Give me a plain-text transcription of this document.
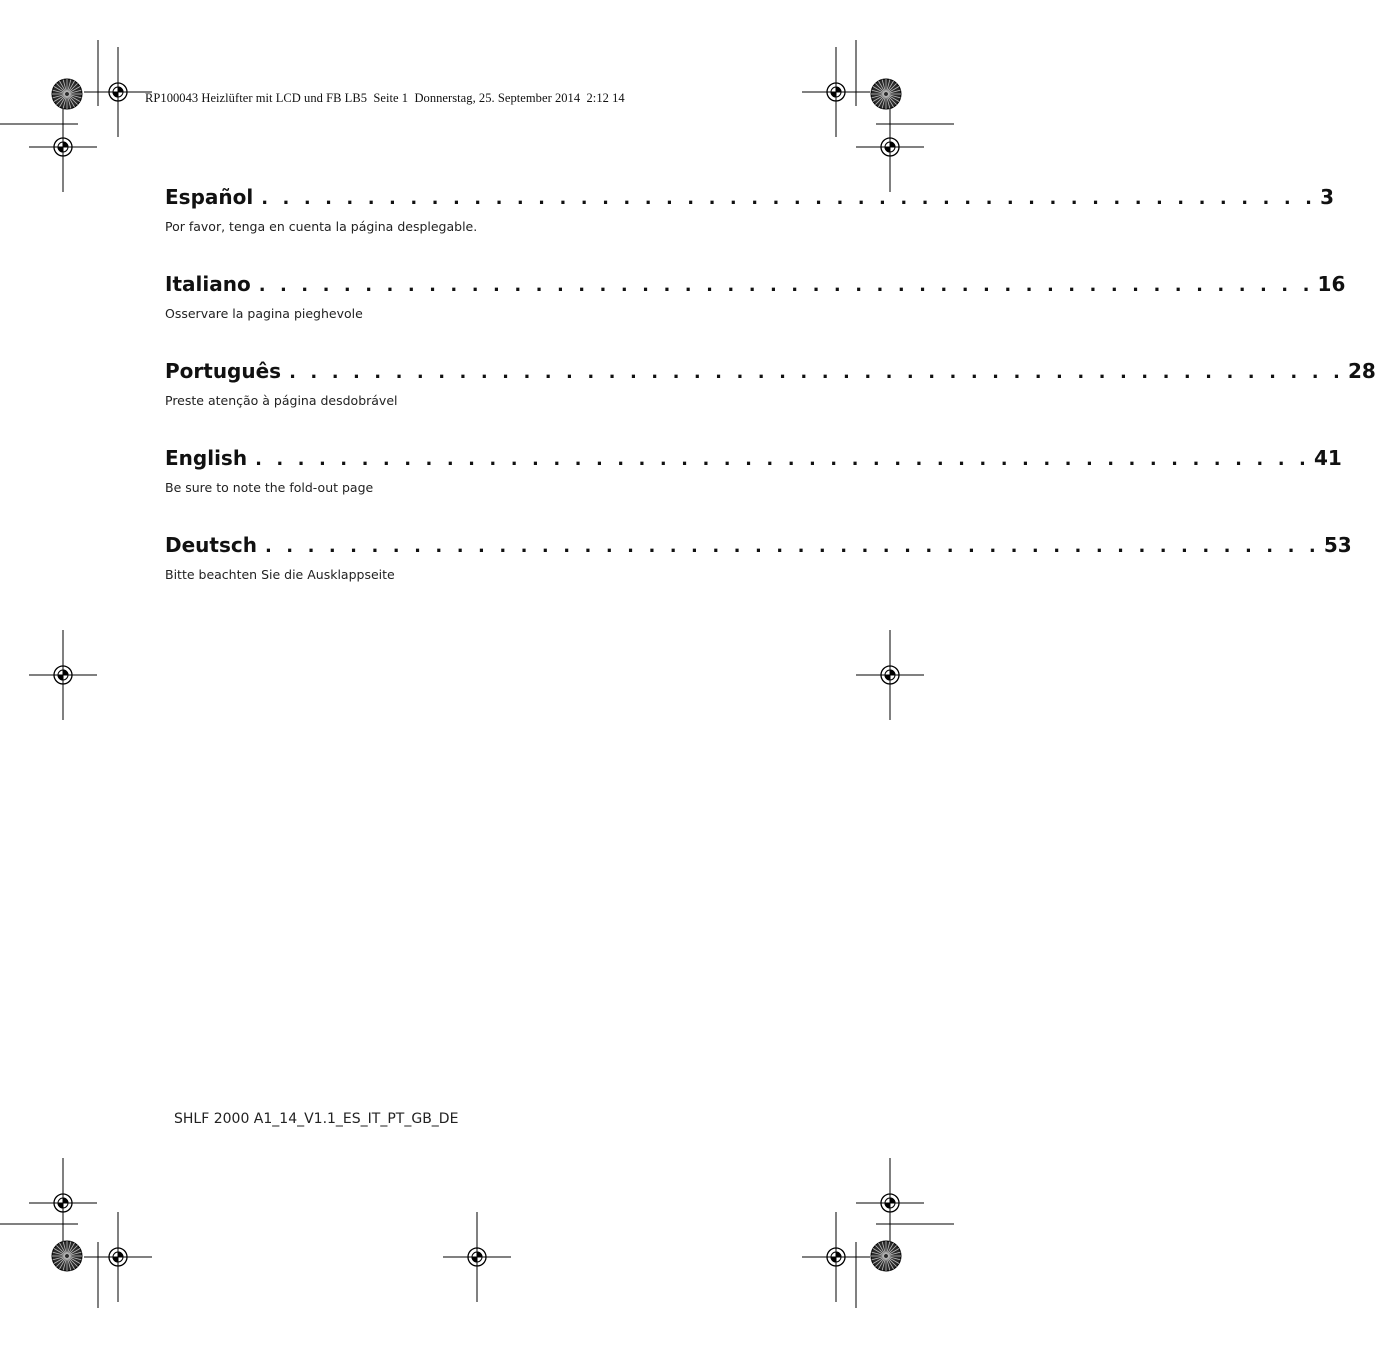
RP100043 Heizlüfter mit LCD und FB LB5  Seite 1  Donnerstag, 25. September 2014  2:12 14
Español . . . . . . . . . . . . . . . . . . . . . . . . . . . . . . . . . . . . . . . . . . . . . . . . . . 3
Por favor, tenga en cuenta la página desplegable.
Italiano . . . . . . . . . . . . . . . . . . . . . . . . . . . . . . . . . . . . . . . . . . . . . . . . . . 16
Osservare la pagina pieghevole
Português . . . . . . . . . . . . . . . . . . . . . . . . . . . . . . . . . . . . . . . . . . . . . . . . . . 28
Preste atenção à página desdobrável
English . . . . . . . . . . . . . . . . . . . . . . . . . . . . . . . . . . . . . . . . . . . . . . . . . . 41
Be sure to note the fold-out page
Deutsch . . . . . . . . . . . . . . . . . . . . . . . . . . . . . . . . . . . . . . . . . . . . . . . . . . 53
Bitte beachten Sie die Ausklappseite
SHLF 2000 A1_14_V1.1_ES_IT_PT_GB_DE
